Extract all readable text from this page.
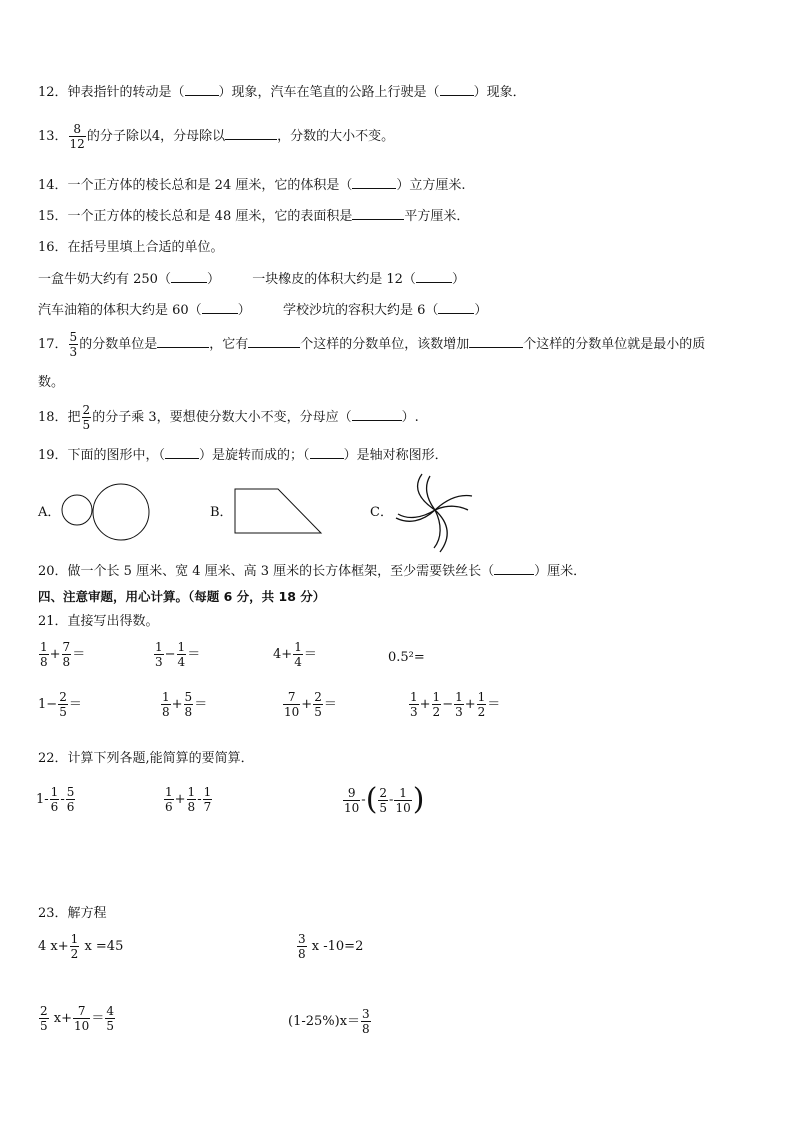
12．钟表指针的转动是（	）现象，汽车在笔直的公路上行驶是（	）现象．
13． $\frac{8}{12}$ 的分子除以4，分母除以	，分数的大小不变。
14．一个正方体的棱长总和是 24 厘米，它的体积是（	）立方厘米.
15．一个正方体的棱长总和是 48 厘米，它的表面积是	平方厘米．
16．在括号里填上合适的单位。
一盒牛奶大约有 250（	） 一块橡皮的体积大约是 12（	）
汽车油箱的体积大约是 60（	） 学校沙坑的容积大约是 6（	）
17． $\frac{5}{3}$ 的分数单位是	，它有	个这样的分数单位，该数增加	个这样的分数单位就是最小的质
数。
18．把 $\frac{2}{5}$ 的分子乘 3，要想使分数大小不变，分母应（	）.
19．下面的图形中，（	）是旋转而成的；（	）是轴对称图形．
A．	B．	C．
20．做一个长 5 厘米、宽 4 厘米、高 3 厘米的长方体框架，至少需要铁丝长（	）厘米．
四、注意审题，用心计算。（每题 6 分，共 18 分）
21．直接写出得数。
$\frac{1}{8} + \frac{7}{8}$ ＝	$\frac{1}{3} - \frac{1}{4}$ ＝	$4+ \frac{1}{4}$ ＝	0.5²=
$1- \frac{2}{5}$ ＝	$\frac{1}{8} + \frac{5}{8}$ ＝	$\frac{7}{10} + \frac{2}{5}$ ＝	$\frac{1}{3} + \frac{1}{2} - \frac{1}{3} + \frac{1}{2}$ ＝
22．计算下列各题,能简算的要简算．
$1- \frac{1}{6} - \frac{5}{6}$	$\frac{1}{6} + \frac{1}{8} - \frac{1}{7}$	$\frac{9}{10}$ -( $\frac{2}{5} - \frac{1}{10}$ )
23．解方程
4 $x+ \frac{1}{2}$ x =45	$\frac{3}{8}$ x -10=2
$\frac{2}{5} x+ \frac{7}{10} = \frac{4}{5}$	$(1-25\%)x= \frac{3}{8}$
